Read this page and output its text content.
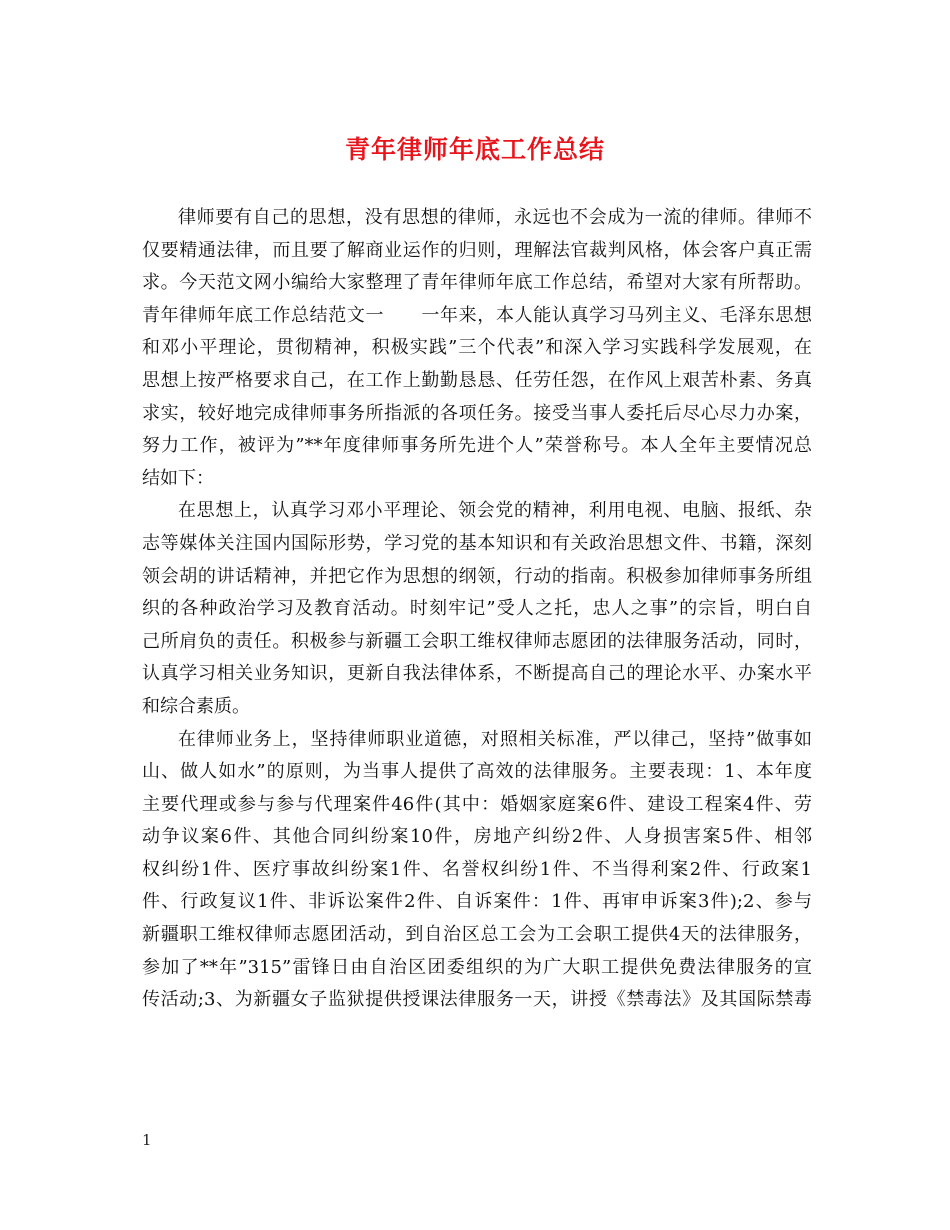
青年律师年底工作总结
律师要有自己的思想，没有思想的律师，永远也不会成为一流的律师。律师不
仅要精通法律，而且要了解商业运作的归则，理解法官裁判风格，体会客户真正需
求。今天范文网小编给大家整理了青年律师年底工作总结，希望对大家有所帮助。
青年律师年底工作总结范文一　　一年来，本人能认真学习马列主义、毛泽东思想
和邓小平理论，贯彻精神，积极实践”三个代表”和深入学习实践科学发展观，在
思想上按严格要求自己，在工作上勤勤恳恳、任劳任怨，在作风上艰苦朴素、务真
求实，较好地完成律师事务所指派的各项任务。接受当事人委托后尽心尽力办案，
努力工作，被评为”**年度律师事务所先进个人”荣誉称号。本人全年主要情况总
结如下：
在思想上，认真学习邓小平理论、领会党的精神，利用电视、电脑、报纸、杂
志等媒体关注国内国际形势，学习党的基本知识和有关政治思想文件、书籍，深刻
领会胡的讲话精神，并把它作为思想的纲领，行动的指南。积极参加律师事务所组
织的各种政治学习及教育活动。时刻牢记”受人之托，忠人之事”的宗旨，明白自
己所肩负的责任。积极参与新疆工会职工维权律师志愿团的法律服务活动，同时，
认真学习相关业务知识，更新自我法律体系，不断提高自己的理论水平、办案水平
和综合素质。
在律师业务上，坚持律师职业道德，对照相关标准，严以律己，坚持”做事如
山、做人如水”的原则，为当事人提供了高效的法律服务。主要表现：1、本年度
主要代理或参与参与代理案件46件(其中：婚姻家庭案6件、建设工程案4件、劳
动争议案6件、其他合同纠纷案10件，房地产纠纷2件、人身损害案5件、相邻
权纠纷1件、医疗事故纠纷案1件、名誉权纠纷1件、不当得利案2件、行政案1
件、行政复议1件、非诉讼案件2件、自诉案件：1件、再审申诉案3件);2、参与
新疆职工维权律师志愿团活动，到自治区总工会为工会职工提供4天的法律服务，
参加了**年”315”雷锋日由自治区团委组织的为广大职工提供免费法律服务的宣
传活动;3、为新疆女子监狱提供授课法律服务一天，讲授《禁毒法》及其国际禁毒
1
